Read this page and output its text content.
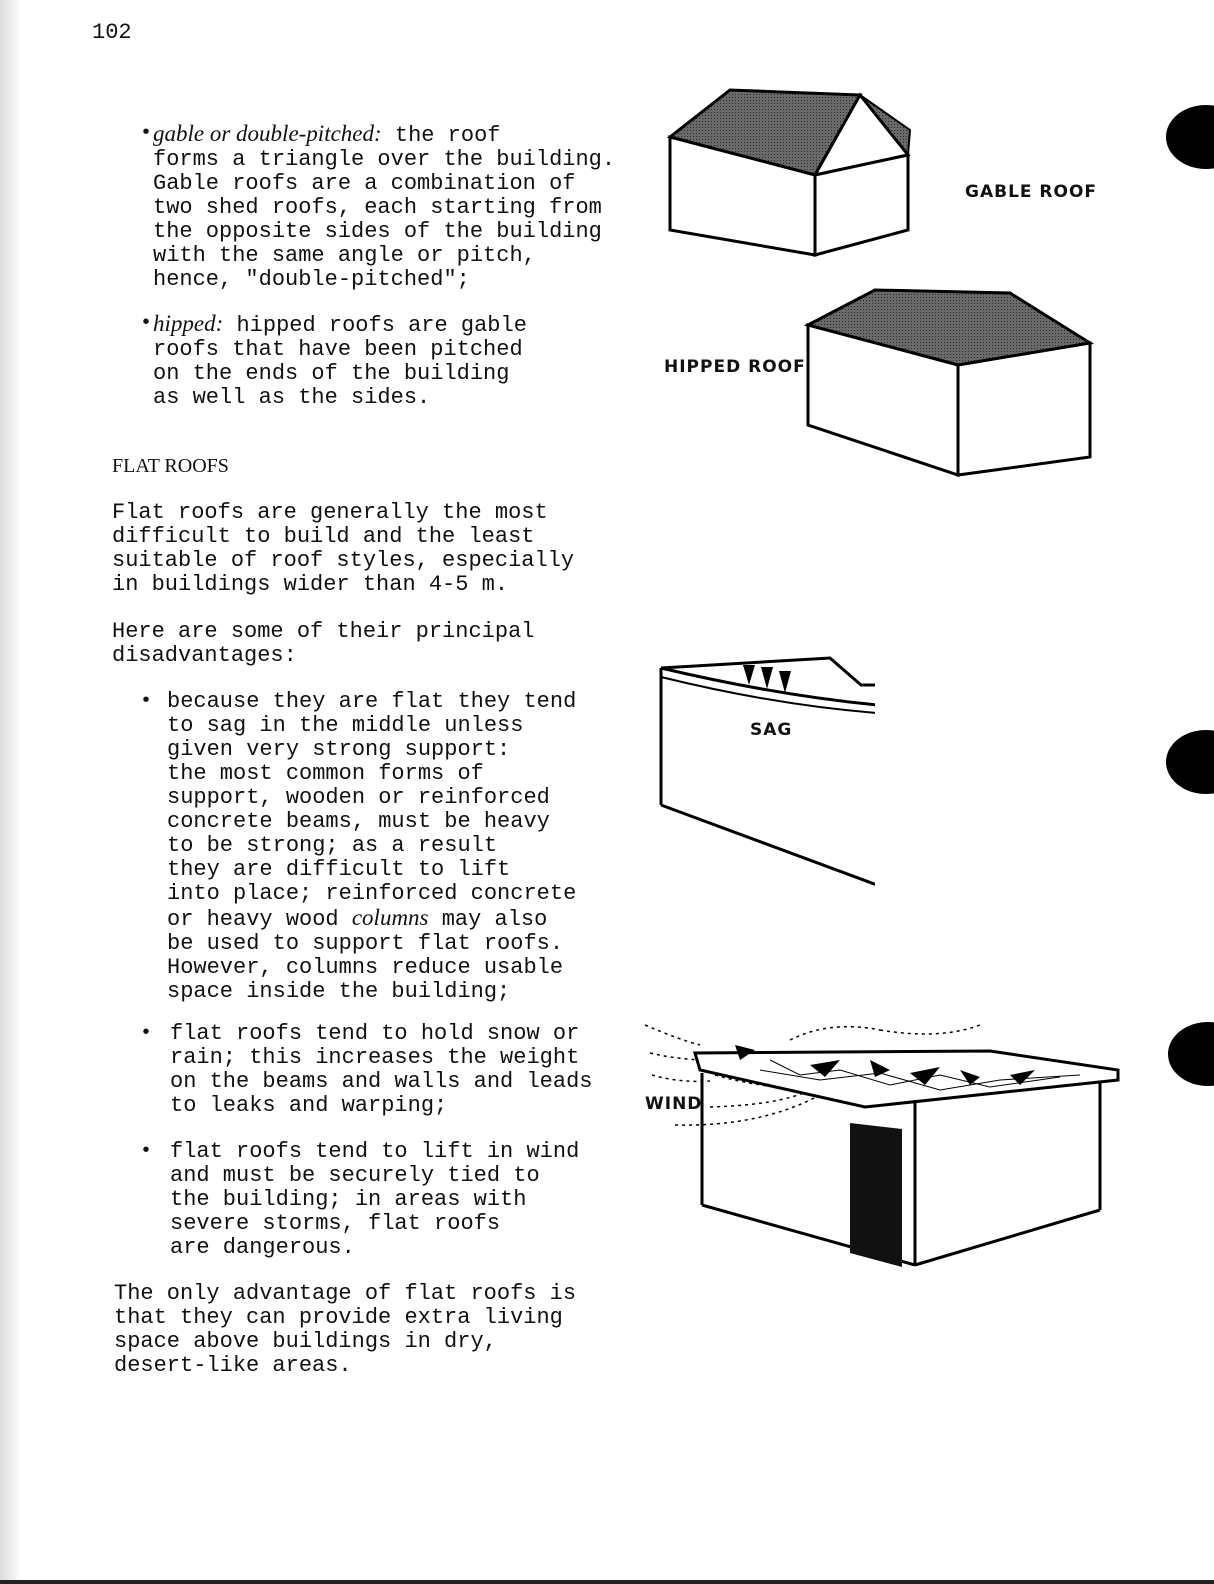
102
• gable or double-pitched: the roof
forms a triangle over the building.
Gable roofs are a combination of
two shed roofs, each starting from
the opposite sides of the building
with the same angle or pitch,
hence, "double-pitched";
• hipped: hipped roofs are gable
roofs that have been pitched
on the ends of the building
as well as the sides.
FLAT ROOFS
Flat roofs are generally the most
difficult to build and the least
suitable of roof styles, especially
in buildings wider than 4-5 m.
Here are some of their principal
disadvantages:
• because they are flat they tend
to sag in the middle unless
given very strong support:
the most common forms of
support, wooden or reinforced
concrete beams, must be heavy
to be strong; as a result
they are difficult to lift
into place; reinforced concrete
or heavy wood columns may also
be used to support flat roofs.
However, columns reduce usable
space inside the building;
• flat roofs tend to hold snow or
rain; this increases the weight
on the beams and walls and leads
to leaks and warping;
• flat roofs tend to lift in wind
and must be securely tied to
the building; in areas with
severe storms, flat roofs
are dangerous.
The only advantage of flat roofs is
that they can provide extra living
space above buildings in dry,
desert-like areas.
GABLE ROOF
HIPPED ROOF
SAG
WIND
